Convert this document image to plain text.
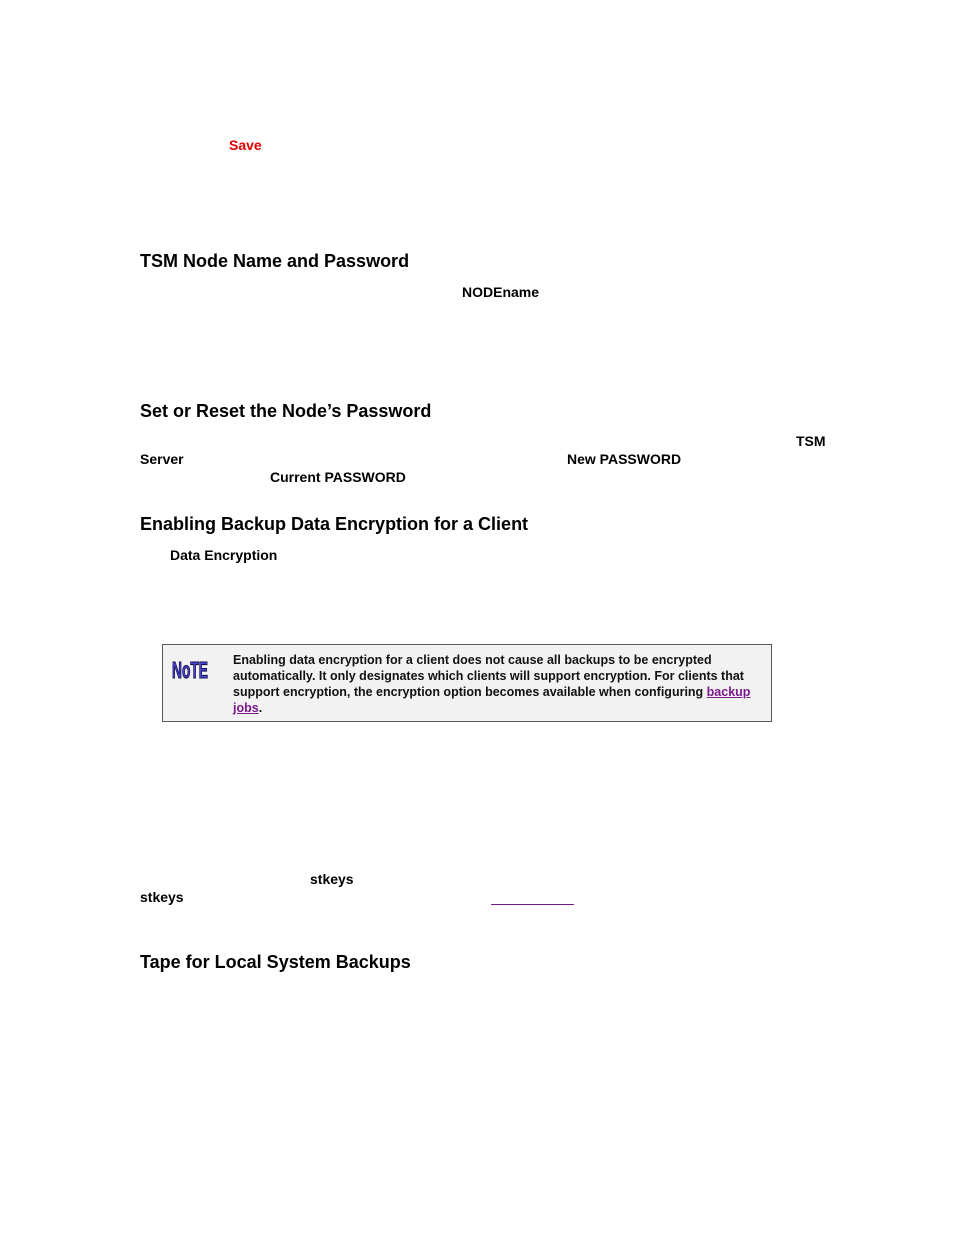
Save
TSM Node Name and Password
NODEname
Set or Reset the Node’s Password
TSM
Server	New PASSWORD
Current PASSWORD
Enabling Backup Data Encryption for a Client
Data Encryption
NoTE Enabling data encryption for a client does not cause all backups to be encrypted automatically. It only designates which clients will support encryption. For clients that support encryption, the encryption option becomes available when configuring backup jobs.
stkeys
stkeys
Tape for Local System Backups
